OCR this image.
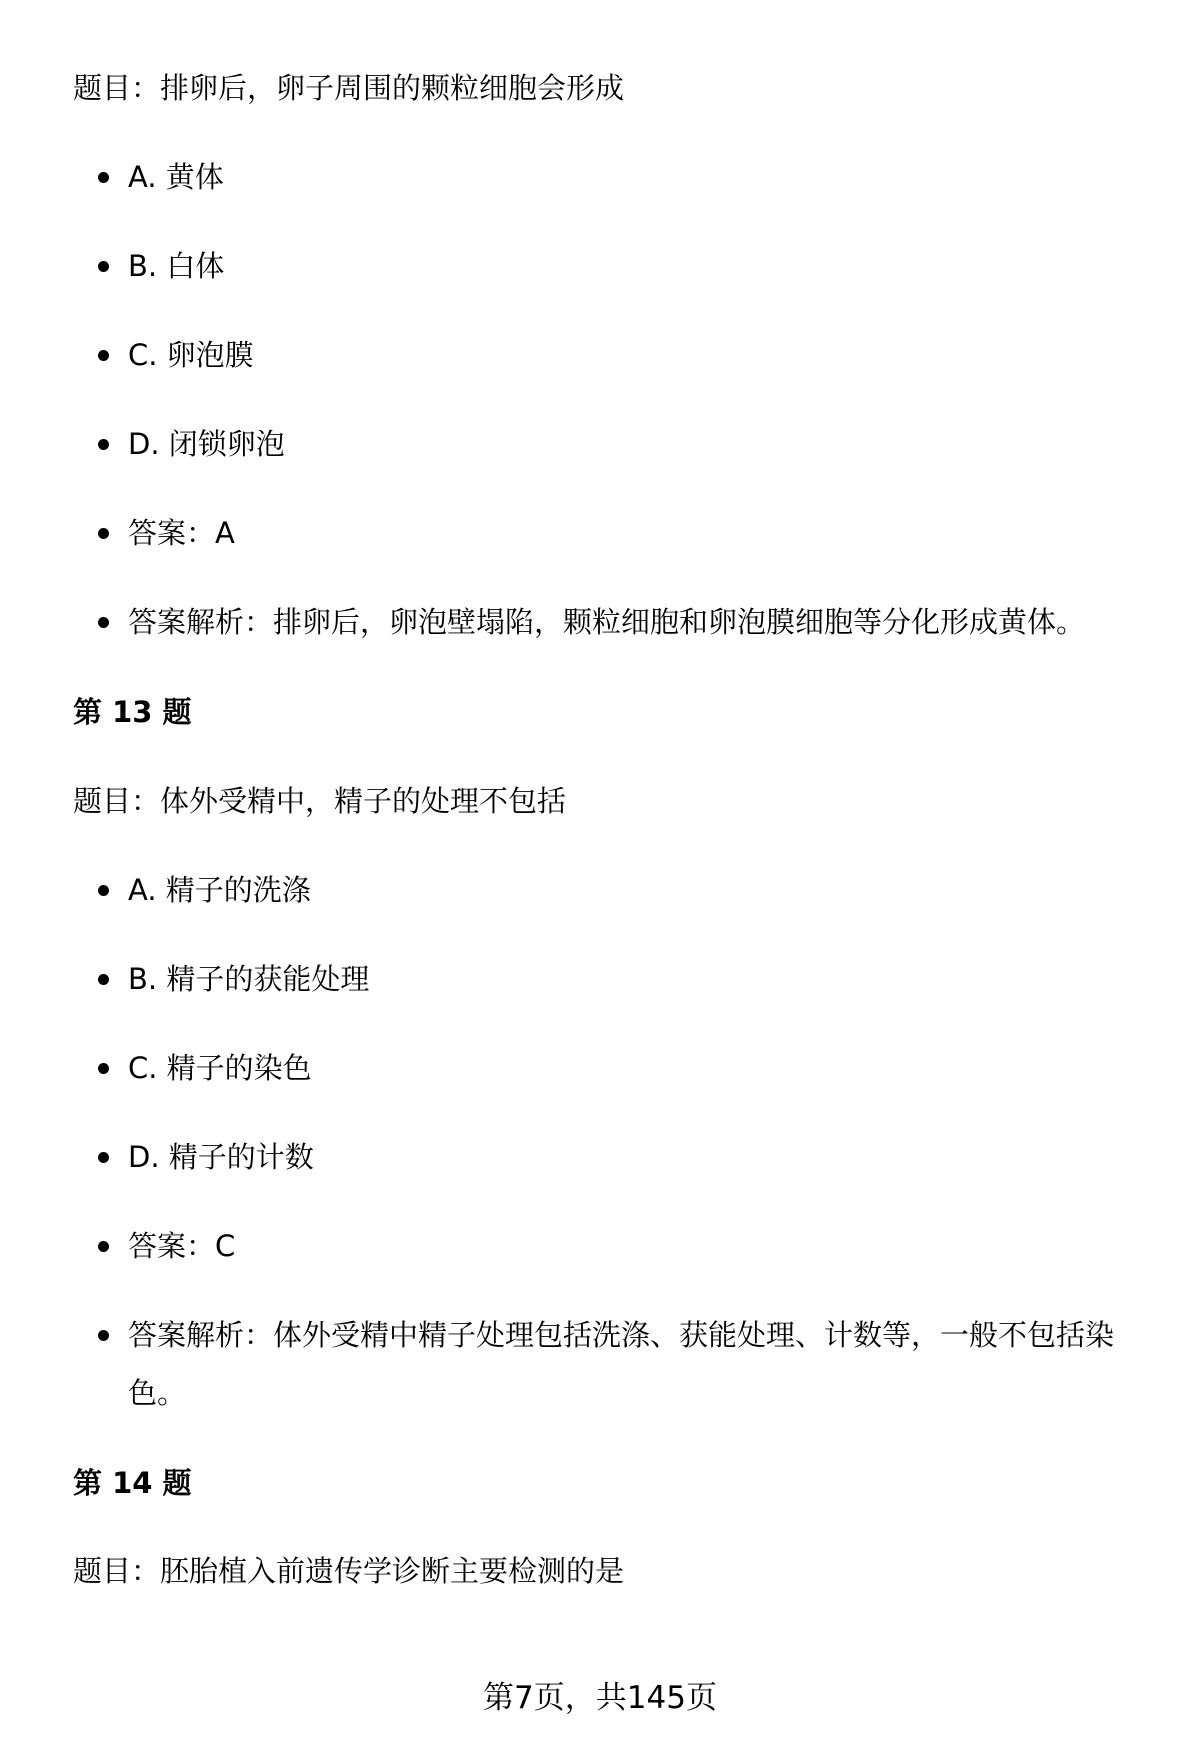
题目：排卵后，卵子周围的颗粒细胞会形成
A. 黄体
B. 白体
C. 卵泡膜
D. 闭锁卵泡
答案：A
答案解析：排卵后，卵泡壁塌陷，颗粒细胞和卵泡膜细胞等分化形成黄体。
第 13 题
题目：体外受精中，精子的处理不包括
A. 精子的洗涤
B. 精子的获能处理
C. 精子的染色
D. 精子的计数
答案：C
答案解析：体外受精中精子处理包括洗涤、获能处理、计数等，一般不包括染色。
第 14 题
题目：胚胎植入前遗传学诊断主要检测的是
第7页，共145页
